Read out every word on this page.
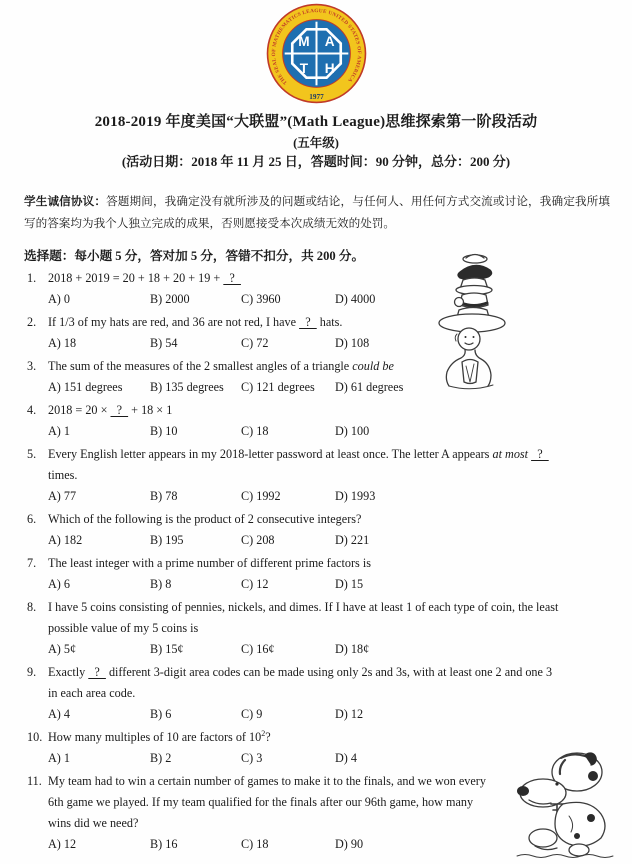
THE SEAL OF MATHEMATICS LEAGUE UNITED STATES OF AMERICA
M A
T H
1977
2018-2019 年度美国“大联盟”(Math League)思维探索第一阶段活动
(五年级)
(活动日期：2018 年 11 月 25 日，答题时间：90 分钟，总分：200 分)
学生诚信协议：答题期间，我确定没有就所涉及的问题或结论，与任何人、用任何方式交流或讨论，我确定我所填写的答案均为我个人独立完成的成果，否则愿接受本次成绩无效的处罚。
选择题：每小题 5 分，答对加 5 分，答错不扣分，共 200 分。
1. 2018 + 2019 = 20 + 18 + 20 + 19 +  ? 
A) 0	B) 2000	C) 3960	D) 4000
2. If 1/3 of my hats are red, and 36 are not red, I have  ?  hats.
A) 18	B) 54	C) 72	D) 108
3. The sum of the measures of the 2 smallest angles of a triangle could be
A) 151 degrees	B) 135 degrees	C) 121 degrees	D) 61 degrees
4. 2018 = 20 ×  ?  + 18 × 1
A) 1	B) 10	C) 18	D) 100
5. Every English letter appears in my 2018-letter password at least once. The letter A appears at most  ? 
times.
A) 77	B) 78	C) 1992	D) 1993
6. Which of the following is the product of 2 consecutive integers?
A) 182	B) 195	C) 208	D) 221
7. The least integer with a prime number of different prime factors is
A) 6	B) 8	C) 12	D) 15
8. I have 5 coins consisting of pennies, nickels, and dimes. If I have at least 1 of each type of coin, the least
possible value of my 5 coins is
A) 5¢	B) 15¢	C) 16¢	D) 18¢
9. Exactly  ?  different 3-digit area codes can be made using only 2s and 3s, with at least one 2 and one 3
in each area code.
A) 4	B) 6	C) 9	D) 12
10. How many multiples of 10 are factors of $10^2$?
A) 1	B) 2	C) 3	D) 4
11. My team had to win a certain number of games to make it to the finals, and we won every
6th game we played. If my team qualified for the finals after our 96th game, how many
wins did we need?
A) 12	B) 16	C) 18	D) 90
